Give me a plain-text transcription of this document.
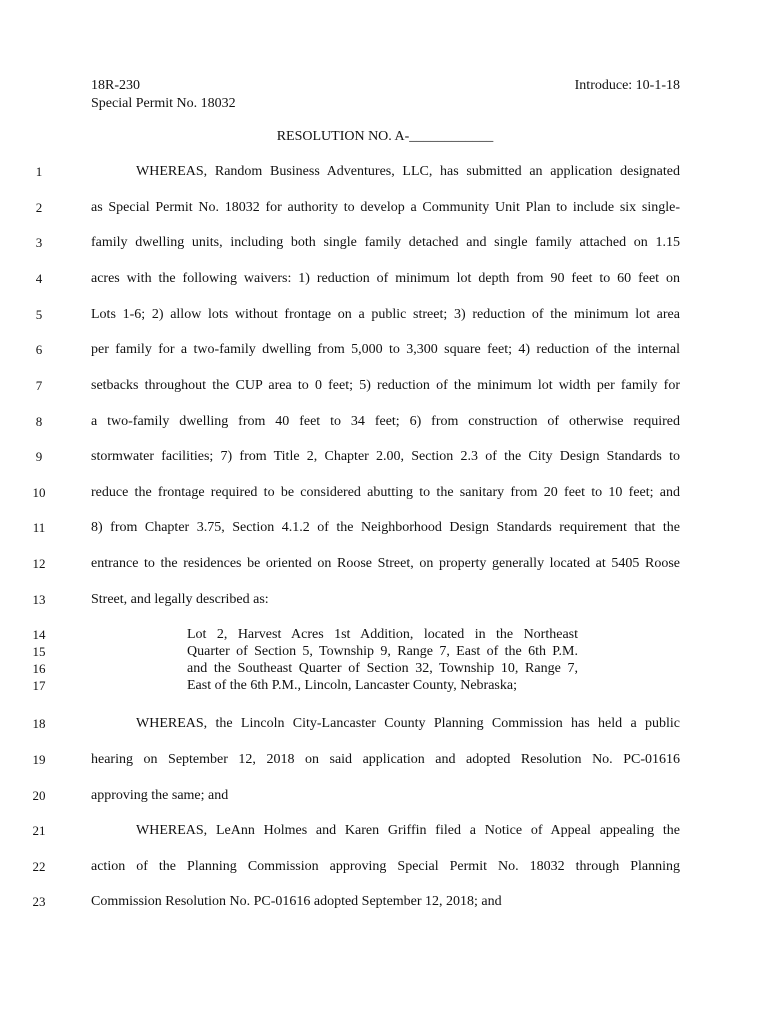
18R-230
Special Permit No. 18032
Introduce: 10-1-18
RESOLUTION NO. A-____________
1	WHEREAS, Random Business Adventures, LLC, has submitted an application designated
2	as Special Permit No. 18032 for authority to develop a Community Unit Plan to include six single-
3	family dwelling units, including both single family detached and single family attached on 1.15
4	acres with the following waivers: 1) reduction of minimum lot depth from 90 feet to 60 feet on
5	Lots 1-6; 2) allow lots without frontage on a public street; 3) reduction of the minimum lot area
6	per family for a two-family dwelling from 5,000 to 3,300 square feet; 4) reduction of the internal
7	setbacks throughout the CUP area to 0 feet; 5) reduction of the minimum lot width per family for
8	a two-family dwelling from 40 feet to 34 feet; 6) from construction of otherwise required
9	stormwater facilities; 7) from Title 2, Chapter 2.00, Section 2.3 of the City Design Standards to
10	reduce the frontage required to be considered abutting to the sanitary from 20 feet to 10 feet; and
11	8) from Chapter 3.75, Section 4.1.2 of the Neighborhood Design Standards requirement that the
12	entrance to the residences be oriented on Roose Street, on property generally located at 5405 Roose
13	Street, and legally described as:
14	Lot 2, Harvest Acres 1st Addition, located in the Northeast
15	Quarter of Section 5, Township 9, Range 7, East of the 6th P.M.
16	and the Southeast Quarter of Section 32, Township 10, Range 7,
17	East of the 6th P.M., Lincoln, Lancaster County, Nebraska;
18	WHEREAS, the Lincoln City-Lancaster County Planning Commission has held a public
19	hearing on September 12, 2018 on said application and adopted Resolution No. PC-01616
20	approving the same; and
21	WHEREAS, LeAnn Holmes and Karen Griffin filed a Notice of Appeal appealing the
22	action of the Planning Commission approving Special Permit No. 18032 through Planning
23	Commission Resolution No. PC-01616 adopted September 12, 2018; and
